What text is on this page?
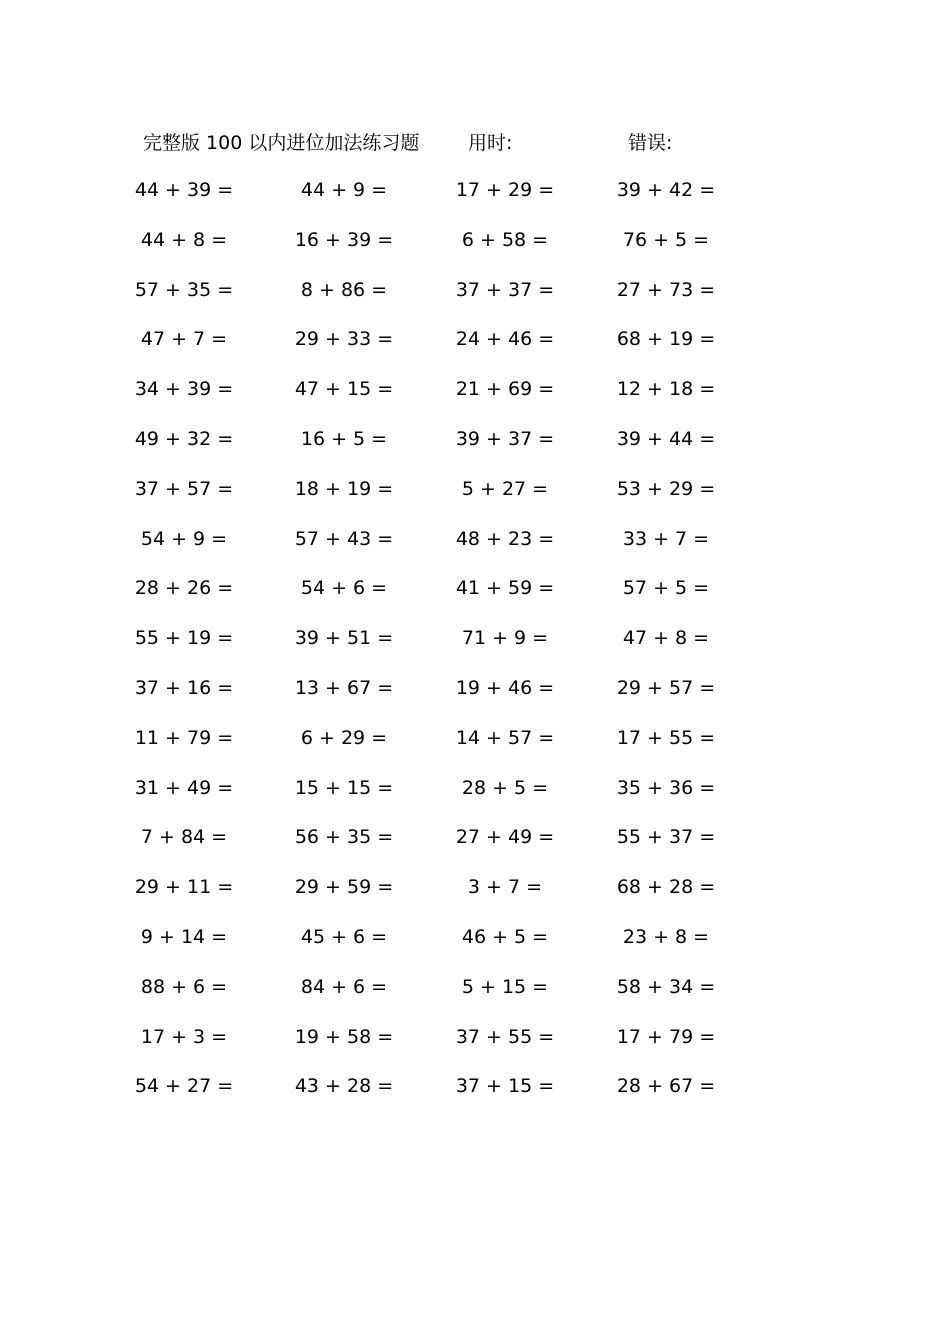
完整版 100 以内进位加法练习题	用时:	错误:
44 + 39 =	44 + 9 =	17 + 29 =	39 + 42 =
44 + 8 =	16 + 39 =	6 + 58 =	76 + 5 =
57 + 35 =	8 + 86 =	37 + 37 =	27 + 73 =
47 + 7 =	29 + 33 =	24 + 46 =	68 + 19 =
34 + 39 =	47 + 15 =	21 + 69 =	12 + 18 =
49 + 32 =	16 + 5 =	39 + 37 =	39 + 44 =
37 + 57 =	18 + 19 =	5 + 27 =	53 + 29 =
54 + 9 =	57 + 43 =	48 + 23 =	33 + 7 =
28 + 26 =	54 + 6 =	41 + 59 =	57 + 5 =
55 + 19 =	39 + 51 =	71 + 9 =	47 + 8 =
37 + 16 =	13 + 67 =	19 + 46 =	29 + 57 =
11 + 79 =	6 + 29 =	14 + 57 =	17 + 55 =
31 + 49 =	15 + 15 =	28 + 5 =	35 + 36 =
7 + 84 =	56 + 35 =	27 + 49 =	55 + 37 =
29 + 11 =	29 + 59 =	3 + 7 =	68 + 28 =
9 + 14 =	45 + 6 =	46 + 5 =	23 + 8 =
88 + 6 =	84 + 6 =	5 + 15 =	58 + 34 =
17 + 3 =	19 + 58 =	37 + 55 =	17 + 79 =
54 + 27 =	43 + 28 =	37 + 15 =	28 + 67 =
